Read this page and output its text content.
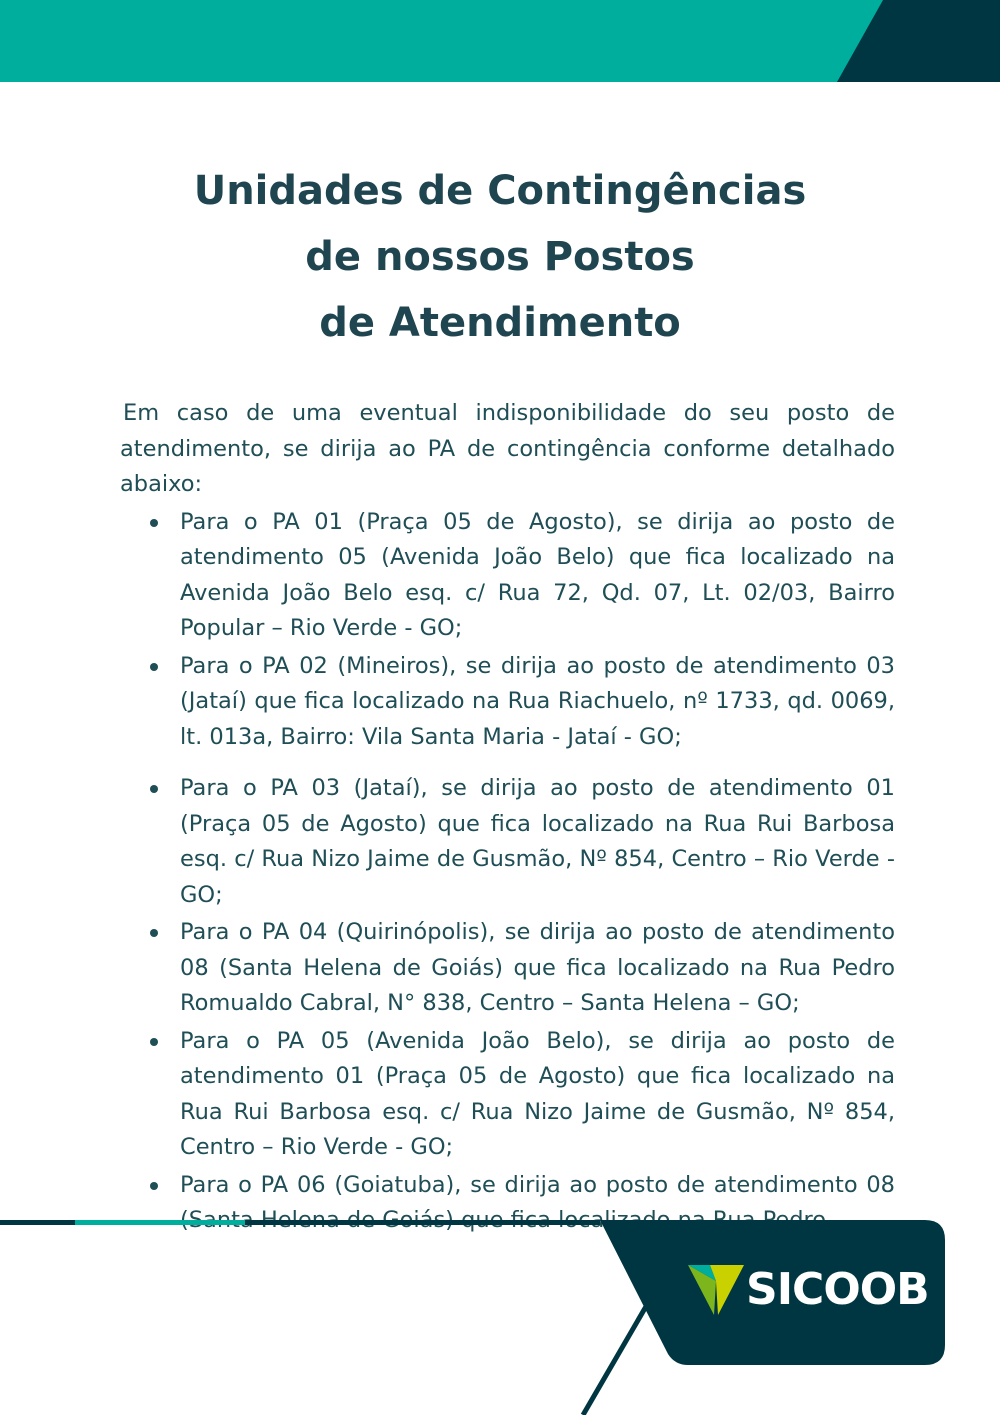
Unidades de Contingências
de nossos Postos
de Atendimento

Em caso de uma eventual indisponibilidade do seu posto de atendimento, se dirija ao PA de contingência conforme detalhado abaixo:

Para o PA 01 (Praça 05 de Agosto), se dirija ao posto de atendimento 05 (Avenida João Belo) que fica localizado na Avenida João Belo esq. c/ Rua 72, Qd. 07, Lt. 02/03, Bairro Popular – Rio Verde - GO;
Para o PA 02 (Mineiros), se dirija ao posto de atendimento 03 (Jataí) que fica localizado na Rua Riachuelo, nº 1733, qd. 0069, lt. 013a, Bairro: Vila Santa Maria - Jataí - GO;
Para o PA 03 (Jataí), se dirija ao posto de atendimento 01 (Praça 05 de Agosto) que fica localizado na Rua Rui Barbosa esq. c/ Rua Nizo Jaime de Gusmão, Nº 854, Centro – Rio Verde - GO;
Para o PA 04 (Quirinópolis), se dirija ao posto de atendimento 08 (Santa Helena de Goiás) que fica localizado na Rua Pedro Romualdo Cabral, N° 838, Centro – Santa Helena – GO;
Para o PA 05 (Avenida João Belo), se dirija ao posto de atendimento 01 (Praça 05 de Agosto) que fica localizado na Rua Rui Barbosa esq. c/ Rua Nizo Jaime de Gusmão, Nº 854, Centro – Rio Verde - GO;
Para o PA 06 (Goiatuba), se dirija ao posto de atendimento 08
SICOOB
